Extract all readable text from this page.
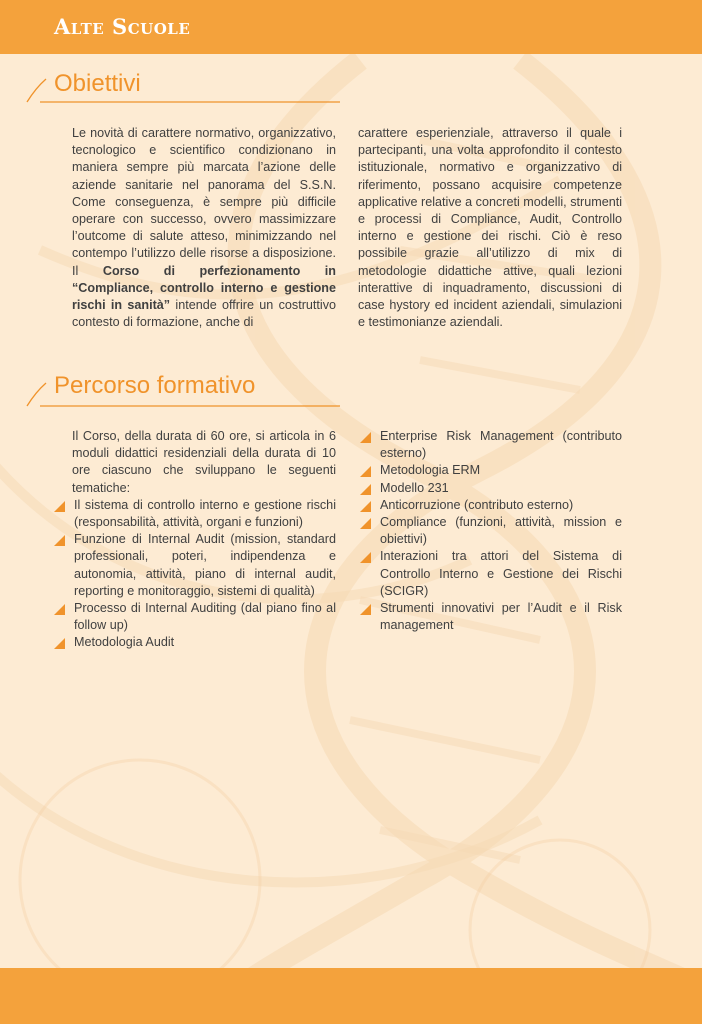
Alte Scuole
Obiettivi

Le novità di carattere normativo, organizzativo, tecnologico e scientifico condizionano in maniera sempre più marcata l’azione delle aziende sanitarie nel panorama del S.S.N. Come conseguenza, è sempre più difficile operare con successo, ovvero massimizzare l’outcome di salute atteso, minimizzando nel contempo l’utilizzo delle risorse a disposizione. Il Corso di perfezionamento in “Compliance, controllo interno e gestione rischi in sanità” intende offrire un costruttivo contesto di formazione, anche di

carattere esperienziale, attraverso il quale i partecipanti, una volta approfondito il contesto istituzionale, normativo e organizzativo di riferimento, possano acquisire competenze applicative relative a concreti modelli, strumenti e processi di Compliance, Audit, Controllo interno e gestione dei rischi. Ciò è reso possibile grazie all’utilizzo di mix di metodologie didattiche attive, quali lezioni interattive di inquadramento, discussioni di case hystory ed incident aziendali, simulazioni e testimonianze aziendali.

Percorso formativo

Il Corso, della durata di 60 ore, si articola in 6 moduli didattici residenziali della durata di 10 ore ciascuno che sviluppano le seguenti tematiche:

Il sistema di controllo interno e gestione rischi (responsabilità, attività, organi e funzioni)
Funzione di Internal Audit (mission, standard professionali, poteri, indipendenza e autonomia, attività, piano di internal audit, reporting e monitoraggio, sistemi di qualità)
Processo di Internal Auditing (dal piano fino al follow up)
Metodologia Audit
Enterprise Risk Management (contributo esterno)
Metodologia ERM
Modello 231
Anticorruzione (contributo esterno)
Compliance (funzioni, attività, mission e obiettivi)
Interazioni tra attori del Sistema di Controllo Interno e Gestione dei Rischi (SCIGR)
Strumenti innovativi per l’Audit e il Risk management
